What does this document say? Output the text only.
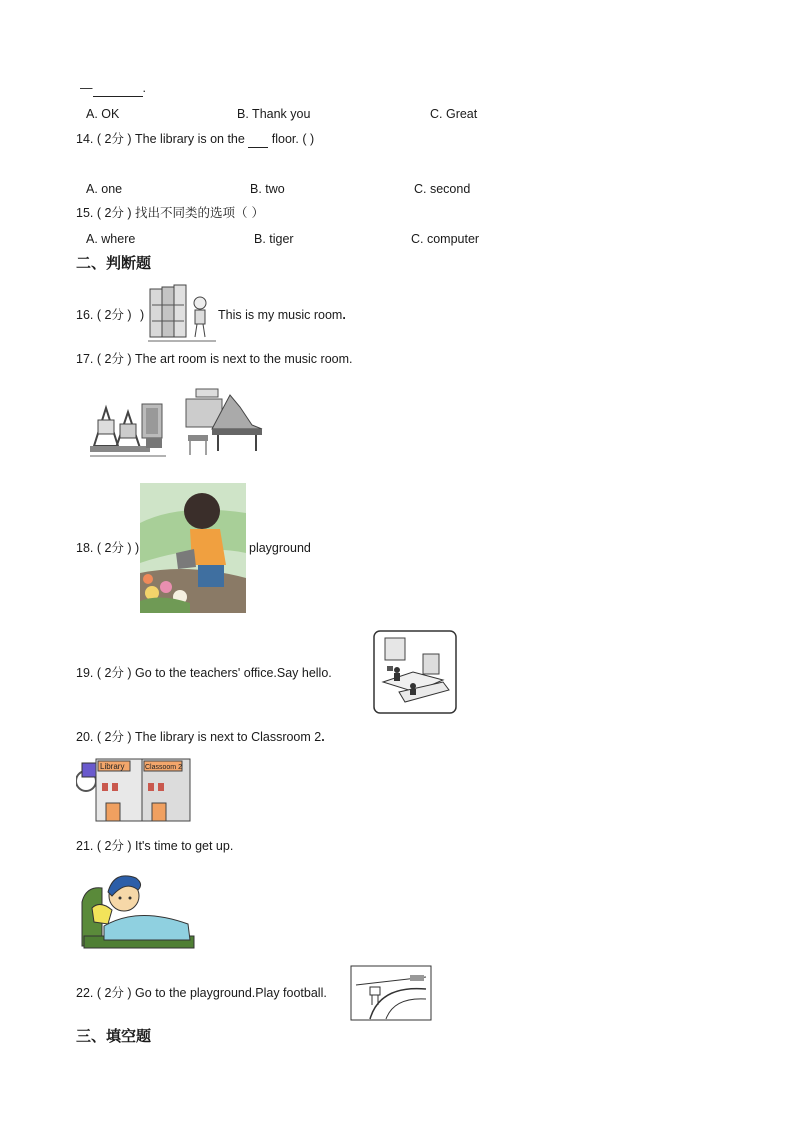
—	.
A. OK	B. Thank you	C. Great
14. ( 2分 ) The library is on the   floor. ( )
A. one	B. two	C. second
15. ( 2分 ) 找出不同类的选项（ ）
A. where	B. tiger	C. computer
二、判断题
16. ( 2分 ) )	This is my music room.
17. ( 2分 ) The art room is next to the music room.
18. ( 2分 ) )	playground
19. ( 2分 ) Go to the teachers' office.Say hello.
20. ( 2分 ) The library is next to Classroom 2.
Library	Classoom 2
21. ( 2分 ) It's time to get up.
22. ( 2分 ) Go to the playground.Play football.
三、填空题
